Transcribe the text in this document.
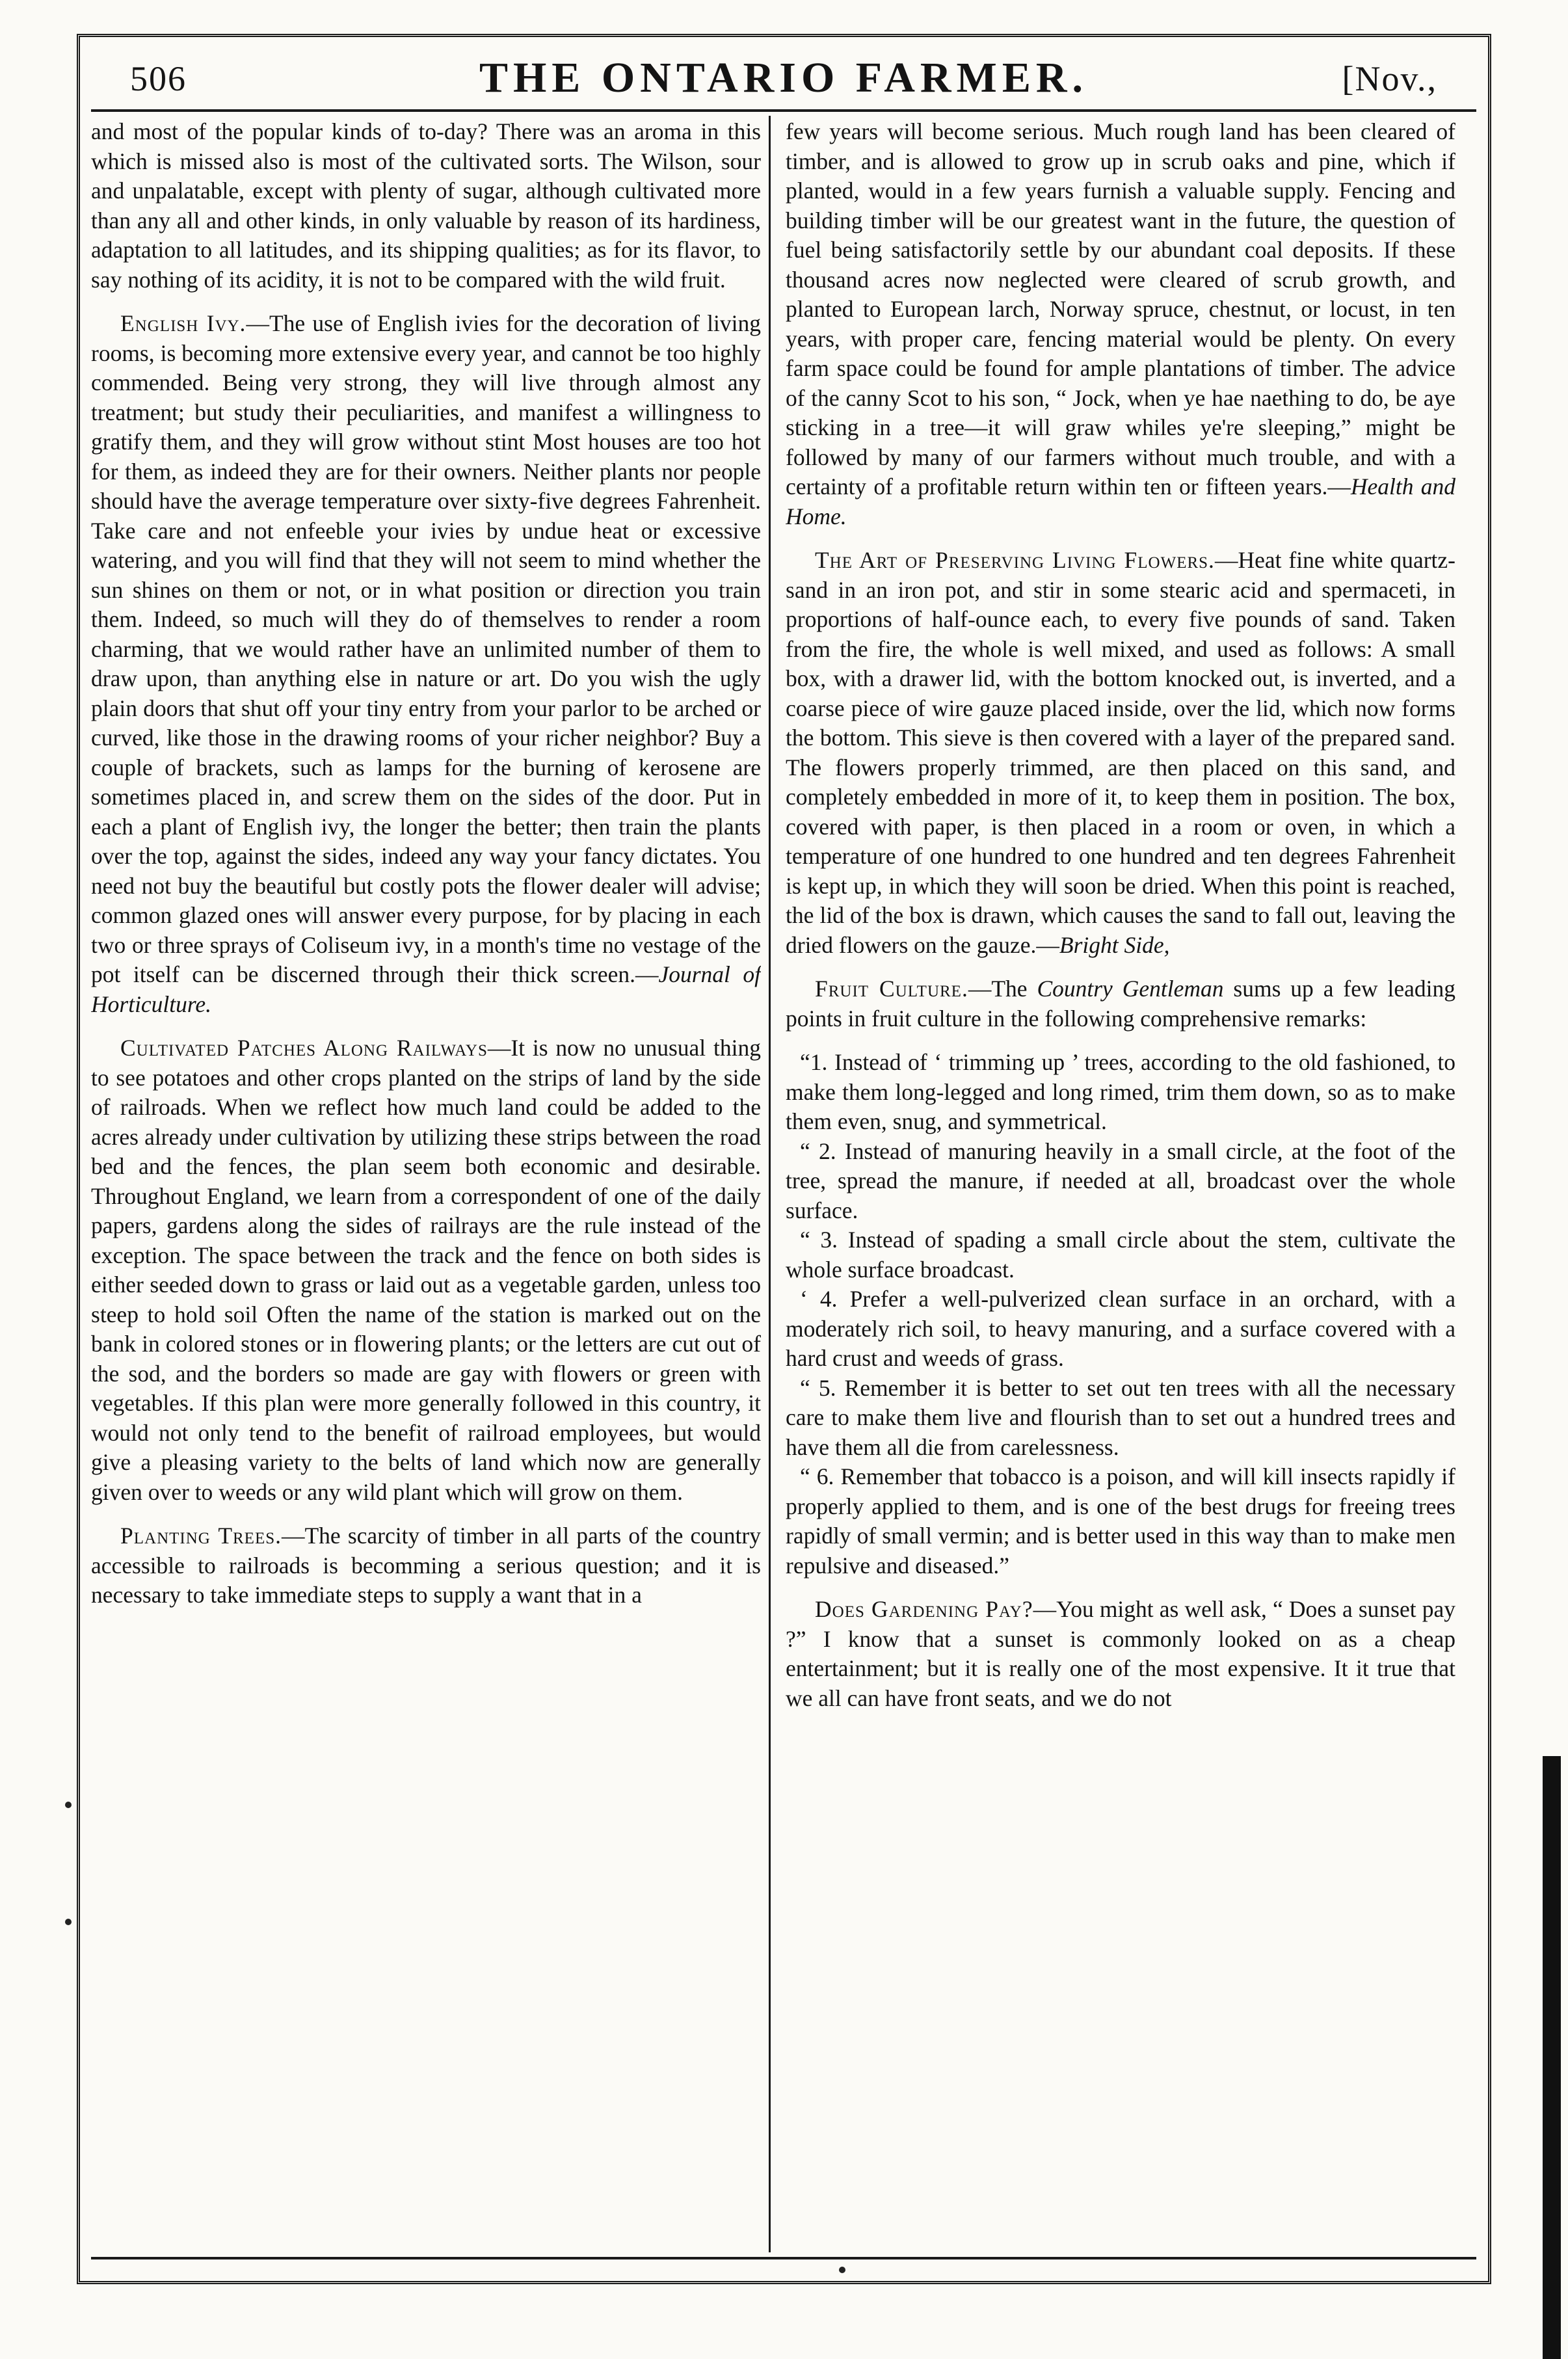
506	THE ONTARIO FARMER.	[Nov.,

and most of the popular kinds of to-day? There was an aroma in this which is missed also is most of the cultivated sorts. The Wilson, sour and unpalatable, except with plenty of sugar, although cultivated more than any all and other kinds, in only valuable by reason of its hardiness, adaptation to all latitudes, and its shipping qualities; as for its flavor, to say nothing of its acidity, it is not to be compared with the wild fruit.

English Ivy.—The use of English ivies for the decoration of living rooms, is becoming more extensive every year, and cannot be too highly commended. Being very strong, they will live through almost any treatment; but study their peculiarities, and manifest a willingness to gratify them, and they will grow without stint Most houses are too hot for them, as indeed they are for their owners. Neither plants nor people should have the average temperature over sixty-five degrees Fahrenheit. Take care and not enfeeble your ivies by undue heat or excessive watering, and you will find that they will not seem to mind whether the sun shines on them or not, or in what position or direction you train them. Indeed, so much will they do of themselves to render a room charming, that we would rather have an unlimited number of them to draw upon, than anything else in nature or art. Do you wish the ugly plain doors that shut off your tiny entry from your parlor to be arched or curved, like those in the drawing rooms of your richer neighbor? Buy a couple of brackets, such as lamps for the burning of kerosene are sometimes placed in, and screw them on the sides of the door. Put in each a plant of English ivy, the longer the better; then train the plants over the top, against the sides, indeed any way your fancy dictates. You need not buy the beautiful but costly pots the flower dealer will advise; common glazed ones will answer every purpose, for by placing in each two or three sprays of Coliseum ivy, in a month's time no vestage of the pot itself can be discerned through their thick screen.—Journal of Horticulture.

Cultivated Patches Along Railways—It is now no unusual thing to see potatoes and other crops planted on the strips of land by the side of railroads. When we reflect how much land could be added to the acres already under cultivation by utilizing these strips between the road bed and the fences, the plan seem both economic and desirable. Throughout England, we learn from a correspondent of one of the daily papers, gardens along the sides of railrays are the rule instead of the exception. The space between the track and the fence on both sides is either seeded down to grass or laid out as a vegetable garden, unless too steep to hold soil Often the name of the station is marked out on the bank in colored stones or in flowering plants; or the letters are cut out of the sod, and the borders so made are gay with flowers or green with vegetables. If this plan were more generally followed in this country, it would not only tend to the benefit of railroad employees, but would give a pleasing variety to the belts of land which now are generally given over to weeds or any wild plant which will grow on them.

Planting Trees.—The scarcity of timber in all parts of the country accessible to railroads is becomming a serious question; and it is necessary to take immediate steps to supply a want that in a

few years will become serious. Much rough land has been cleared of timber, and is allowed to grow up in scrub oaks and pine, which if planted, would in a few years furnish a valuable supply. Fencing and building timber will be our greatest want in the future, the question of fuel being satisfactorily settle by our abundant coal deposits. If these thousand acres now neglected were cleared of scrub growth, and planted to European larch, Norway spruce, chestnut, or locust, in ten years, with proper care, fencing material would be plenty. On every farm space could be found for ample plantations of timber. The advice of the canny Scot to his son, “ Jock, when ye hae naething to do, be aye sticking in a tree—it will graw whiles ye're sleeping,” might be followed by many of our farmers without much trouble, and with a certainty of a profitable return within ten or fifteen years.—Health and Home.

The Art of Preserving Living Flowers.—Heat fine white quartz-sand in an iron pot, and stir in some stearic acid and spermaceti, in proportions of half-ounce each, to every five pounds of sand. Taken from the fire, the whole is well mixed, and used as follows: A small box, with a drawer lid, with the bottom knocked out, is inverted, and a coarse piece of wire gauze placed inside, over the lid, which now forms the bottom. This sieve is then covered with a layer of the prepared sand. The flowers properly trimmed, are then placed on this sand, and completely embedded in more of it, to keep them in position. The box, covered with paper, is then placed in a room or oven, in which a temperature of one hundred to one hundred and ten degrees Fahrenheit is kept up, in which they will soon be dried. When this point is reached, the lid of the box is drawn, which causes the sand to fall out, leaving the dried flowers on the gauze.—Bright Side,

Fruit Culture.—The Country Gentleman sums up a few leading points in fruit culture in the following comprehensive remarks:

“1. Instead of ‘ trimming up ’ trees, according to the old fashioned, to make them long-legged and long rimed, trim them down, so as to make them even, snug, and symmetrical.

“ 2. Instead of manuring heavily in a small circle, at the foot of the tree, spread the manure, if needed at all, broadcast over the whole surface.

“ 3. Instead of spading a small circle about the stem, cultivate the whole surface broadcast.

‘ 4. Prefer a well-pulverized clean surface in an orchard, with a moderately rich soil, to heavy manuring, and a surface covered with a hard crust and weeds of grass.

“ 5. Remember it is better to set out ten trees with all the necessary care to make them live and flourish than to set out a hundred trees and have them all die from carelessness.

“ 6. Remember that tobacco is a poison, and will kill insects rapidly if properly applied to them, and is one of the best drugs for freeing trees rapidly of small vermin; and is better used in this way than to make men repulsive and diseased.”

Does Gardening Pay?—You might as well ask, “ Does a sunset pay ?” I know that a sunset is commonly looked on as a cheap entertainment; but it is really one of the most expensive. It it true that we all can have front seats, and we do not
